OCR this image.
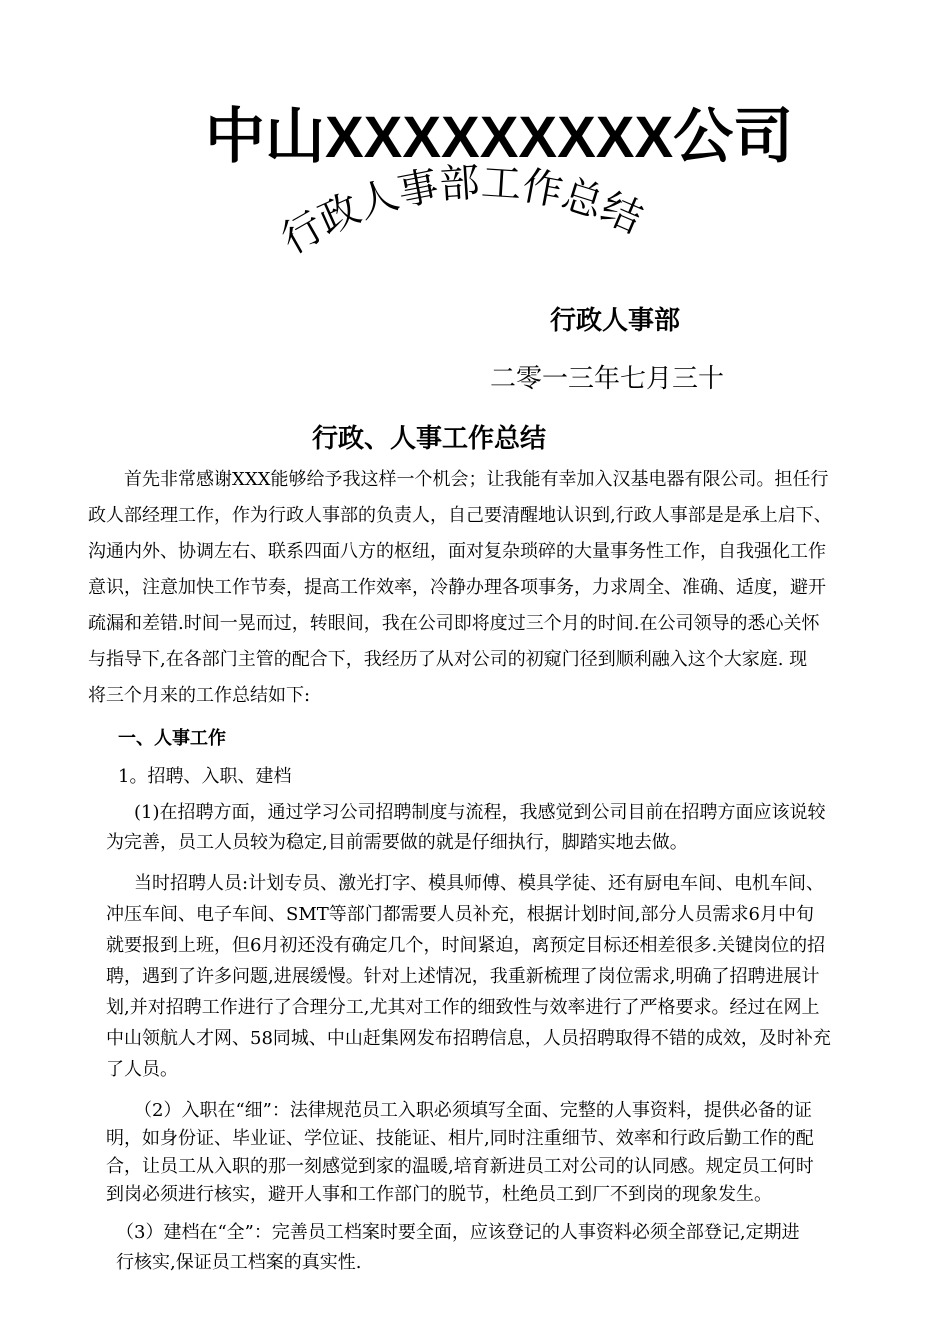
中山XXXXXXXXX公司
行政人事部工作总结
行政人事部
二零一三年七月三十
行政、人事工作总结
首先非常感谢XXX能够给予我这样一个机会；让我能有幸加入汉基电器有限公司。担任行
政人部经理工作，作为行政人事部的负责人，自己要清醒地认识到,行政人事部是是承上启下、
沟通内外、协调左右、联系四面八方的枢纽，面对复杂琐碎的大量事务性工作，自我强化工作
意识，注意加快工作节奏，提高工作效率，冷静办理各项事务，力求周全、准确、适度，避开
疏漏和差错.时间一晃而过，转眼间，我在公司即将度过三个月的时间.在公司领导的悉心关怀
与指导下,在各部门主管的配合下，我经历了从对公司的初窥门径到顺利融入这个大家庭. 现
将三个月来的工作总结如下:
一、人事工作
1。招聘、入职、建档
(1)在招聘方面，通过学习公司招聘制度与流程，我感觉到公司目前在招聘方面应该说较
为完善，员工人员较为稳定,目前需要做的就是仔细执行，脚踏实地去做。
当时招聘人员:计划专员、激光打字、模具师傅、模具学徒、还有厨电车间、电机车间、
冲压车间、电子车间、SMT等部门都需要人员补充，根据计划时间,部分人员需求6月中旬
就要报到上班，但6月初还没有确定几个，时间紧迫，离预定目标还相差很多.关键岗位的招
聘，遇到了许多问题,进展缓慢。针对上述情况，我重新梳理了岗位需求,明确了招聘进展计
划,并对招聘工作进行了合理分工,尤其对工作的细致性与效率进行了严格要求。经过在网上
中山领航人才网、58同城、中山赶集网发布招聘信息，人员招聘取得不错的成效，及时补充
了人员。
（2）入职在“细”：法律规范员工入职必须填写全面、完整的人事资料，提供必备的证
明，如身份证、毕业证、学位证、技能证、相片,同时注重细节、效率和行政后勤工作的配
合，让员工从入职的那一刻感觉到家的温暖,培育新进员工对公司的认同感。规定员工何时
到岗必须进行核实，避开人事和工作部门的脱节，杜绝员工到厂不到岗的现象发生。
（3）建档在“全”：完善员工档案时要全面，应该登记的人事资料必须全部登记,定期进
行核实,保证员工档案的真实性.
